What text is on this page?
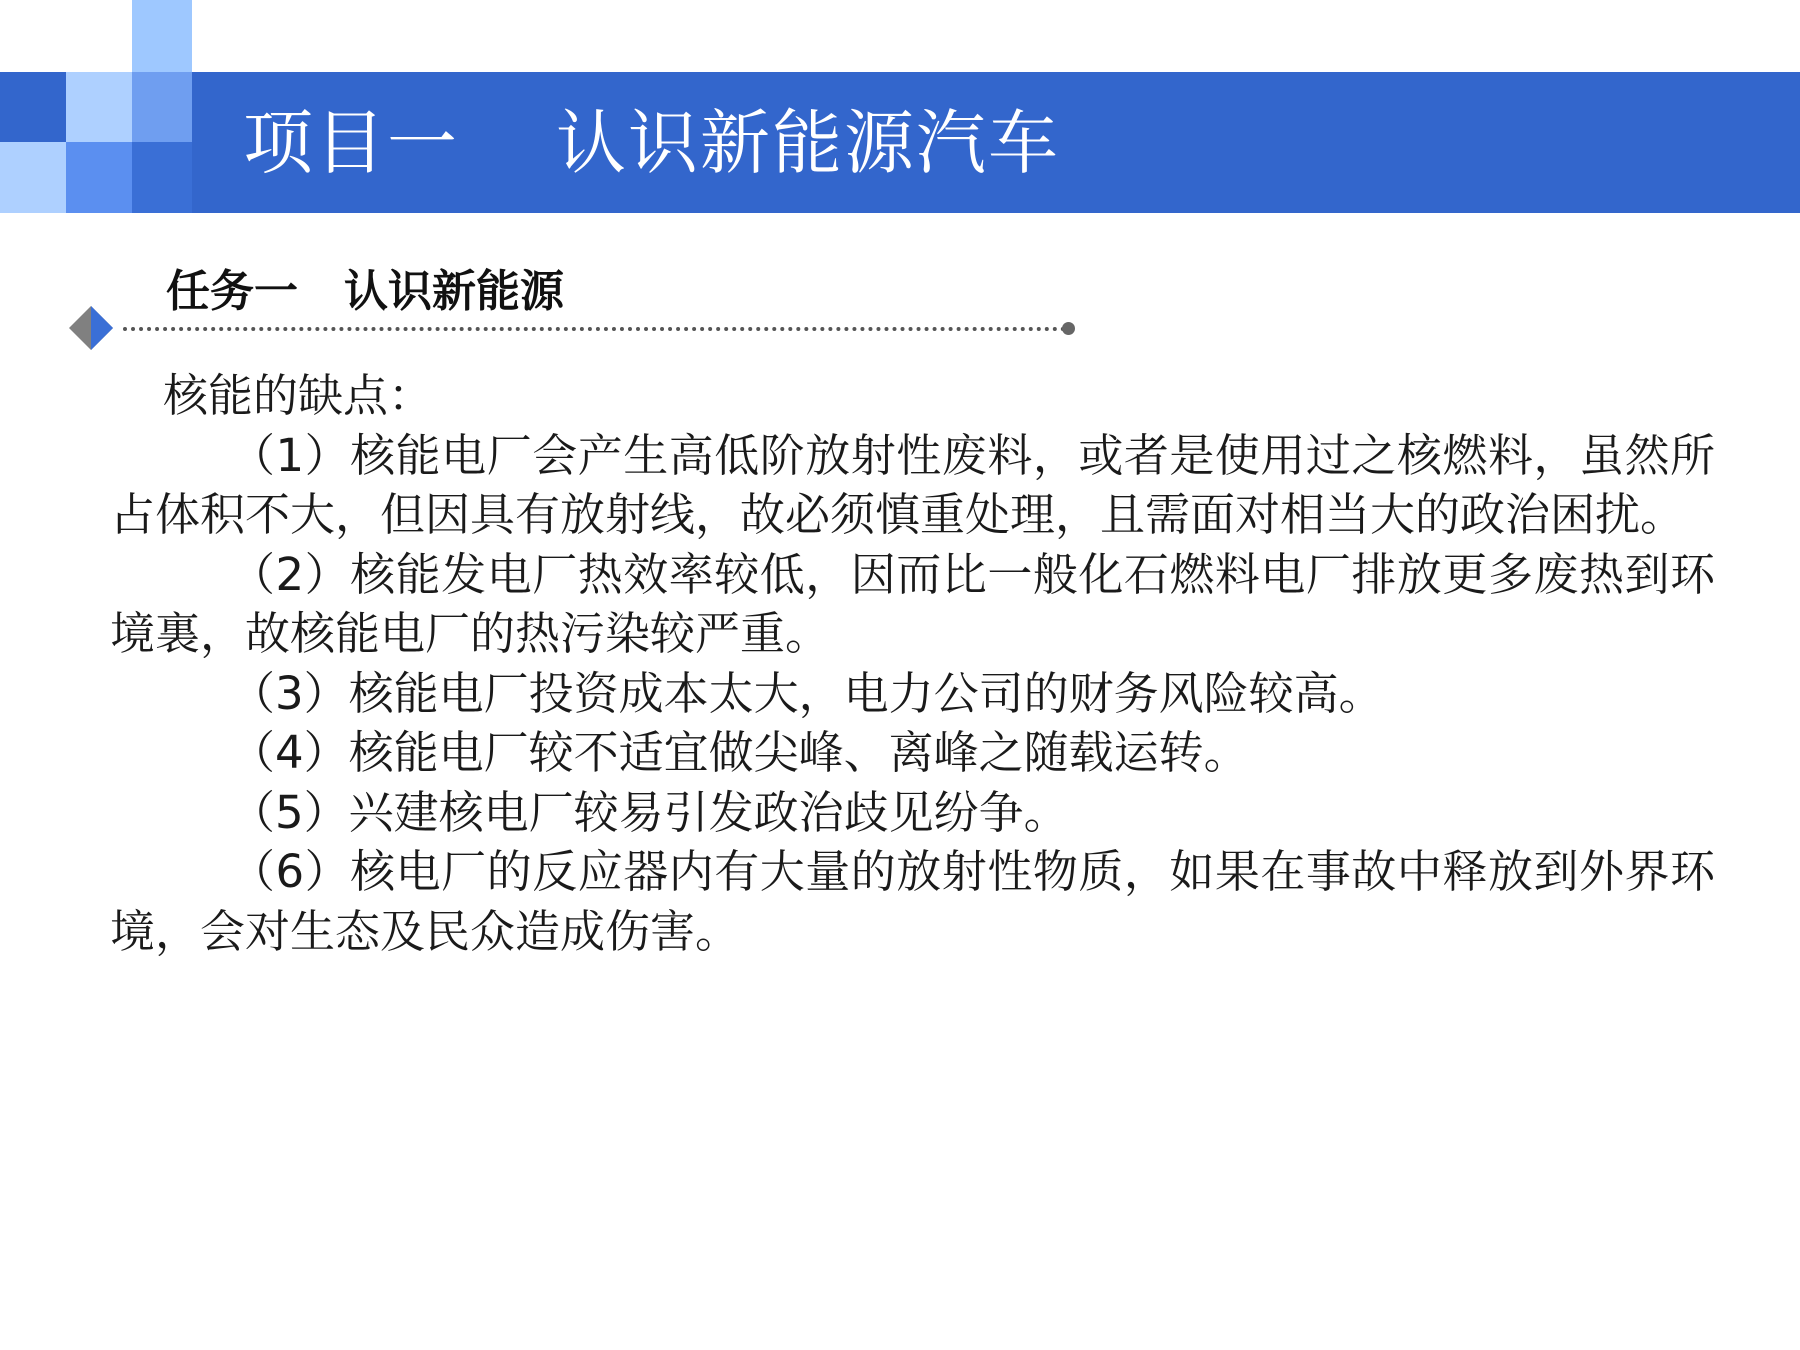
项目一    认识新能源汽车
任务一   认识新能源

核能的缺点：

（1）核能电厂会产生高低阶放射性废料，或者是使用过之核燃料，虽然所占体积不大，但因具有放射线，故必须慎重处理，且需面对相当大的政治困扰。

（2）核能发电厂热效率较低，因而比一般化石燃料电厂排放更多废热到环境裏，故核能电厂的热污染较严重。

（3）核能电厂投资成本太大，电力公司的财务风险较高。

（4）核能电厂较不适宜做尖峰、离峰之随载运转。

（5）兴建核电厂较易引发政治歧见纷争。

（6）核电厂的反应器内有大量的放射性物质，如果在事故中释放到外界环境，会对生态及民众造成伤害。
